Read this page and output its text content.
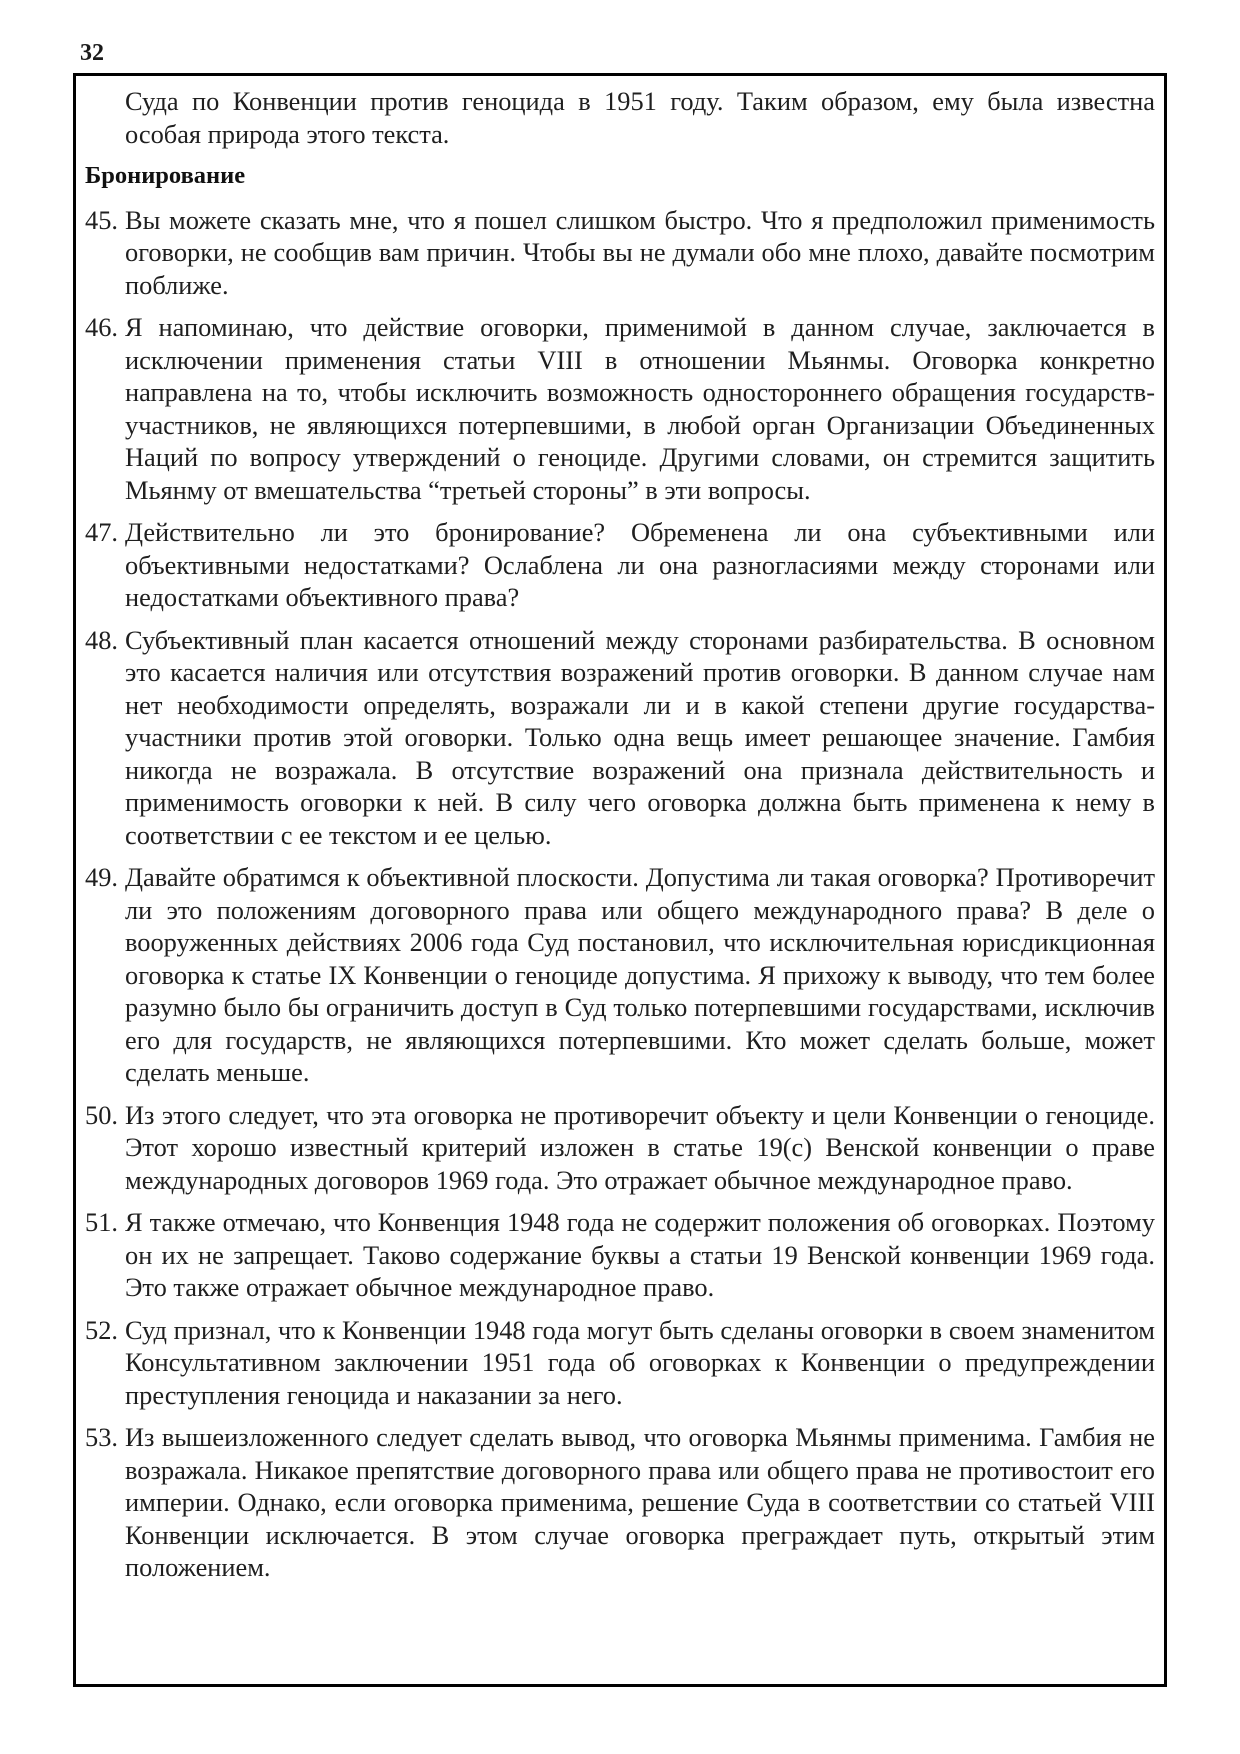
32

Суда по Конвенции против геноцида в 1951 году. Таким образом, ему была известна особая природа этого текста.

Бронирование
45. Вы можете сказать мне, что я пошел слишком быстро. Что я предположил применимость оговорки, не сообщив вам причин. Чтобы вы не думали обо мне плохо, давайте посмотрим поближе.

46. Я напоминаю, что действие оговорки, применимой в данном случае, заключается в исключении применения статьи VIII в отношении Мьянмы. Оговорка конкретно направлена на то, чтобы исключить возможность одностороннего обращения государств-участников, не являющихся потерпевшими, в любой орган Организации Объединенных Наций по вопросу утверждений о геноциде. Другими словами, он стремится защитить Мьянму от вмешательства “третьей стороны” в эти вопросы.

47. Действительно ли это бронирование? Обременена ли она субъективными или объективными недостатками? Ослаблена ли она разногласиями между сторонами или недостатками объективного права?

48. Субъективный план касается отношений между сторонами разбирательства. В основном это касается наличия или отсутствия возражений против оговорки. В данном случае нам нет необходимости определять, возражали ли и в какой степени другие государства-участники против этой оговорки. Только одна вещь имеет решающее значение. Гамбия никогда не возражала. В отсутствие возражений она признала действительность и применимость оговорки к ней. В силу чего оговорка должна быть применена к нему в соответствии с ее текстом и ее целью.

49. Давайте обратимся к объективной плоскости. Допустима ли такая оговорка? Противоречит ли это положениям договорного права или общего международного права? В деле о вооруженных действиях 2006 года Суд постановил, что исключительная юрисдикционная оговорка к статье IX Конвенции о геноциде допустима. Я прихожу к выводу, что тем более разумно было бы ограничить доступ в Суд только потерпевшими государствами, исключив его для государств, не являющихся потерпевшими. Кто может сделать больше, может сделать меньше.

50. Из этого следует, что эта оговорка не противоречит объекту и цели Конвенции о геноциде. Этот хорошо известный критерий изложен в статье 19(с) Венской конвенции о праве международных договоров 1969 года. Это отражает обычное международное право.

51. Я также отмечаю, что Конвенция 1948 года не содержит положения об оговорках. Поэтому он их не запрещает. Таково содержание буквы а статьи 19 Венской конвенции 1969 года. Это также отражает обычное международное право.

52. Суд признал, что к Конвенции 1948 года могут быть сделаны оговорки в своем знаменитом Консультативном заключении 1951 года об оговорках к Конвенции о предупреждении преступления геноцида и наказании за него.

53. Из вышеизложенного следует сделать вывод, что оговорка Мьянмы применима. Гамбия не возражала. Никакое препятствие договорного права или общего права не противостоит его империи. Однако, если оговорка применима, решение Суда в соответствии со статьей VIII Конвенции исключается. В этом случае оговорка преграждает путь, открытый этим положением.
